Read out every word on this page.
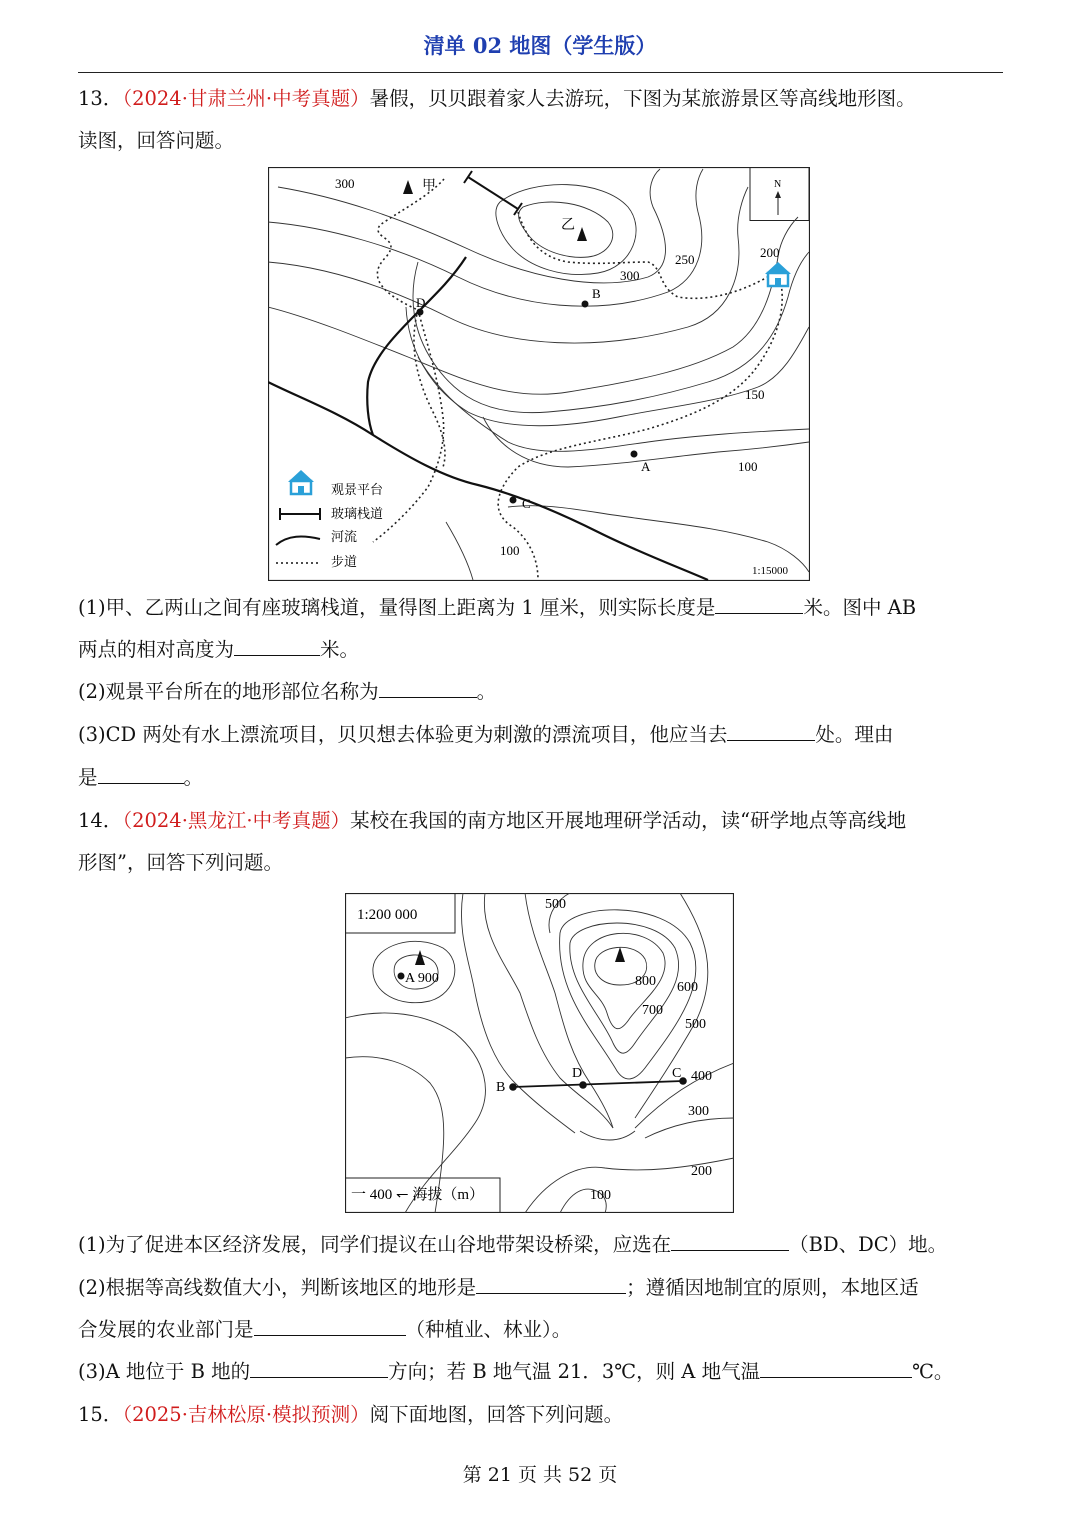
清单 02 地图（学生版）
13．（2024·甘肃兰州·中考真题）暑假，贝贝跟着家人去游玩，下图为某旅游景区等高线地形图。
读图，回答问题。
N
甲
乙
300
300
250	200
150
100
100
B
A
C
D
观景平台
玻璃栈道
河流
步道
1:15000
(1)甲、乙两山之间有座玻璃栈道，量得图上距离为 1 厘米，则实际长度是	米。图中 AB
两点的相对高度为	米。
(2)观景平台所在的地形部位名称为	。
(3)CD 两处有水上漂流项目，贝贝想去体验更为刺激的漂流项目，他应当去	处。理由
是	。
14．（2024·黑龙江·中考真题）某校在我国的南方地区开展地理研学活动，读“研学地点等高线地
形图”，回答下列问题。
1:200 000
一 400 ↽ 海拔（m）
A 900
B
D	C
500
800 600
700
500
400
300
200
100
(1)为了促进本区经济发展，同学们提议在山谷地带架设桥梁，应选在	（BD、DC）地。
(2)根据等高线数值大小，判断该地区的地形是	；遵循因地制宜的原则，本地区适
合发展的农业部门是	（种植业、林业）。
(3)A 地位于 B 地的	方向；若 B 地气温 21．3℃，则 A 地气温	℃。
15．（2025·吉林松原·模拟预测）阅下面地图，回答下列问题。
第 21 页 共 52 页
